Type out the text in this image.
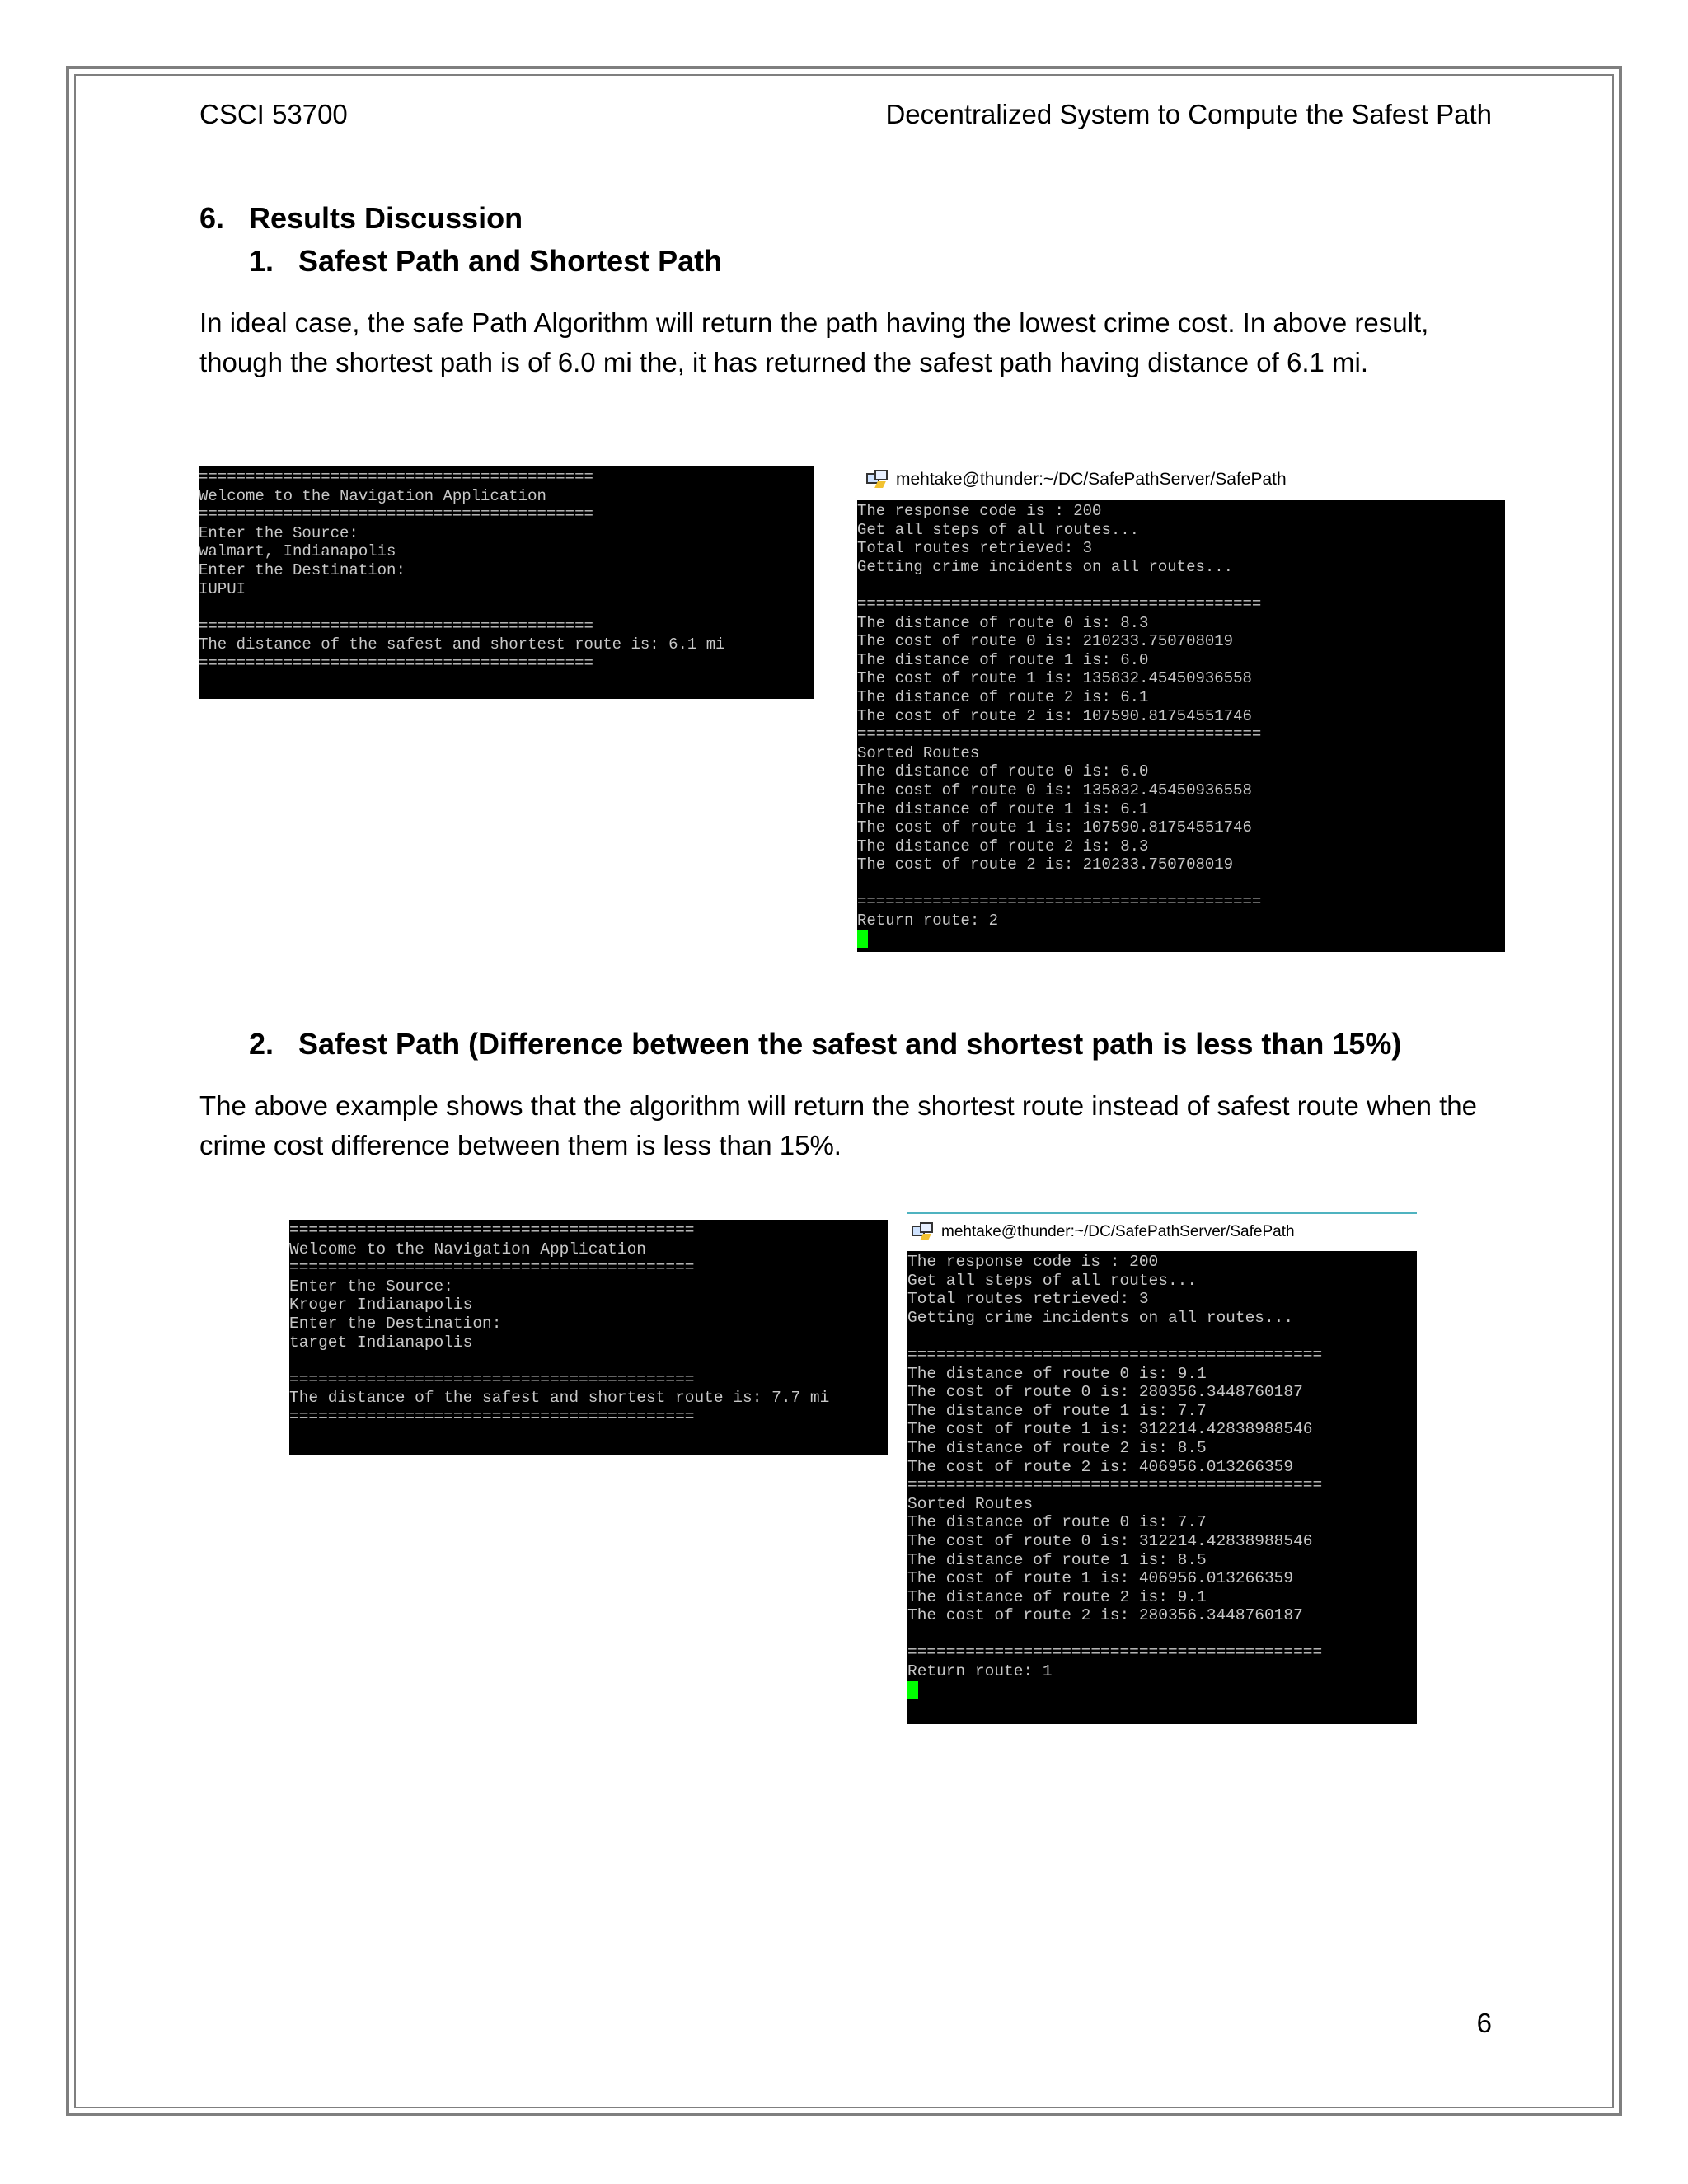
CSCI 53700	Decentralized System to Compute the Safest Path
6. Results Discussion
1. Safest Path and Shortest Path

In ideal case, the safe Path Algorithm will return the path having the lowest crime cost. In above result, though the shortest path is of 6.0 mi the, it has returned the safest path having distance of 6.1 mi.

==========================================
Welcome to the Navigation Application
==========================================
Enter the Source:
walmart, Indianapolis
Enter the Destination:
IUPUI
==========================================
The distance of the safest and shortest route is: 6.1 mi
==========================================
mehtake@thunder:~/DC/SafePathServer/SafePath
The response code is : 200
Get all steps of all routes...
Total routes retrieved: 3
Getting crime incidents on all routes...
===========================================
The distance of route 0 is: 8.3
The cost of route 0 is: 210233.750708019
The distance of route 1 is: 6.0
The cost of route 1 is: 135832.45450936558
The distance of route 2 is: 6.1
The cost of route 2 is: 107590.81754551746
===========================================
Sorted Routes
The distance of route 0 is: 6.0
The cost of route 0 is: 135832.45450936558
The distance of route 1 is: 6.1
The cost of route 1 is: 107590.81754551746
The distance of route 2 is: 8.3
The cost of route 2 is: 210233.750708019
===========================================
Return route: 2
2. Safest Path (Difference between the safest and shortest path is less than 15%)

The above example shows that the algorithm will return the shortest route instead of safest route when the crime cost difference between them is less than 15%.

==========================================
Welcome to the Navigation Application
==========================================
Enter the Source:
Kroger Indianapolis
Enter the Destination:
target Indianapolis
==========================================
The distance of the safest and shortest route is: 7.7 mi
==========================================
mehtake@thunder:~/DC/SafePathServer/SafePath
The response code is : 200
Get all steps of all routes...
Total routes retrieved: 3
Getting crime incidents on all routes...
===========================================
The distance of route 0 is: 9.1
The cost of route 0 is: 280356.3448760187
The distance of route 1 is: 7.7
The cost of route 1 is: 312214.42838988546
The distance of route 2 is: 8.5
The cost of route 2 is: 406956.013266359
===========================================
Sorted Routes
The distance of route 0 is: 7.7
The cost of route 0 is: 312214.42838988546
The distance of route 1 is: 8.5
The cost of route 1 is: 406956.013266359
The distance of route 2 is: 9.1
The cost of route 2 is: 280356.3448760187
===========================================
Return route: 1
6
